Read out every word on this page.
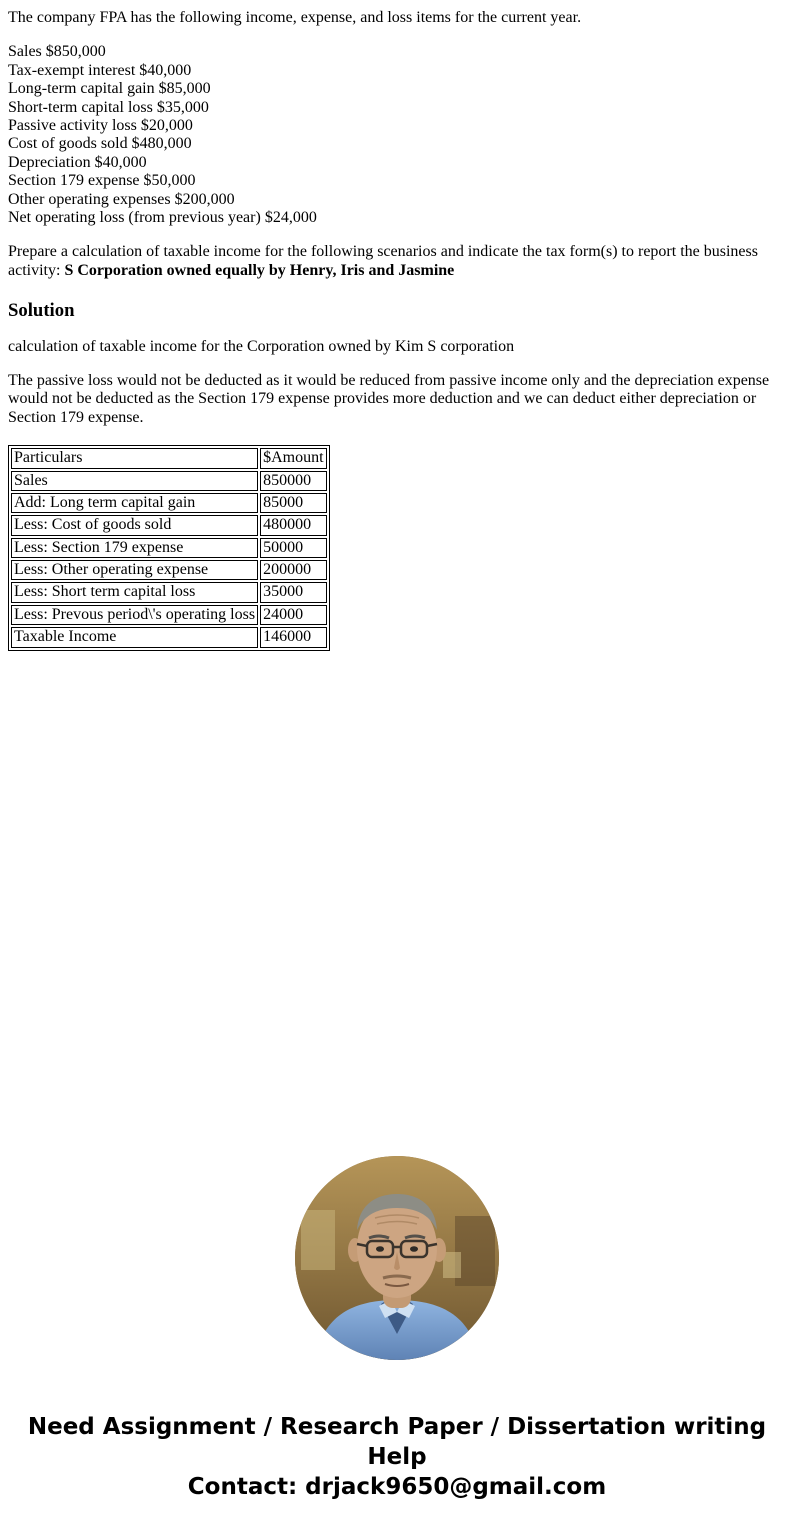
The company FPA has the following income, expense, and loss items for the current year.

Sales $850,000
Tax-exempt interest $40,000
Long-term capital gain $85,000
Short-term capital loss $35,000
Passive activity loss $20,000
Cost of goods sold $480,000
Depreciation $40,000
Section 179 expense $50,000
Other operating expenses $200,000
Net operating loss (from previous year) $24,000

Prepare a calculation of taxable income for the following scenarios and indicate the tax form(s) to report the business activity: S Corporation owned equally by Henry, Iris and Jasmine

Solution

calculation of taxable income for the Corporation owned by Kim S corporation

The passive loss would not be deducted as it would be reduced from passive income only and the depreciation expense would not be deducted as the Section 179 expense provides more deduction and we can deduct either depreciation or Section 179 expense.

Particulars	$Amount
Sales	850000
Add: Long term capital gain	85000
Less: Cost of goods sold	480000
Less: Section 179 expense	50000
Less: Other operating expense	200000
Less: Short term capital loss	35000
Less: Prevous period\'s operating loss	24000
Taxable Income	146000
Need Assignment / Research Paper / Dissertation writing Help
Contact: drjack9650@gmail.com
